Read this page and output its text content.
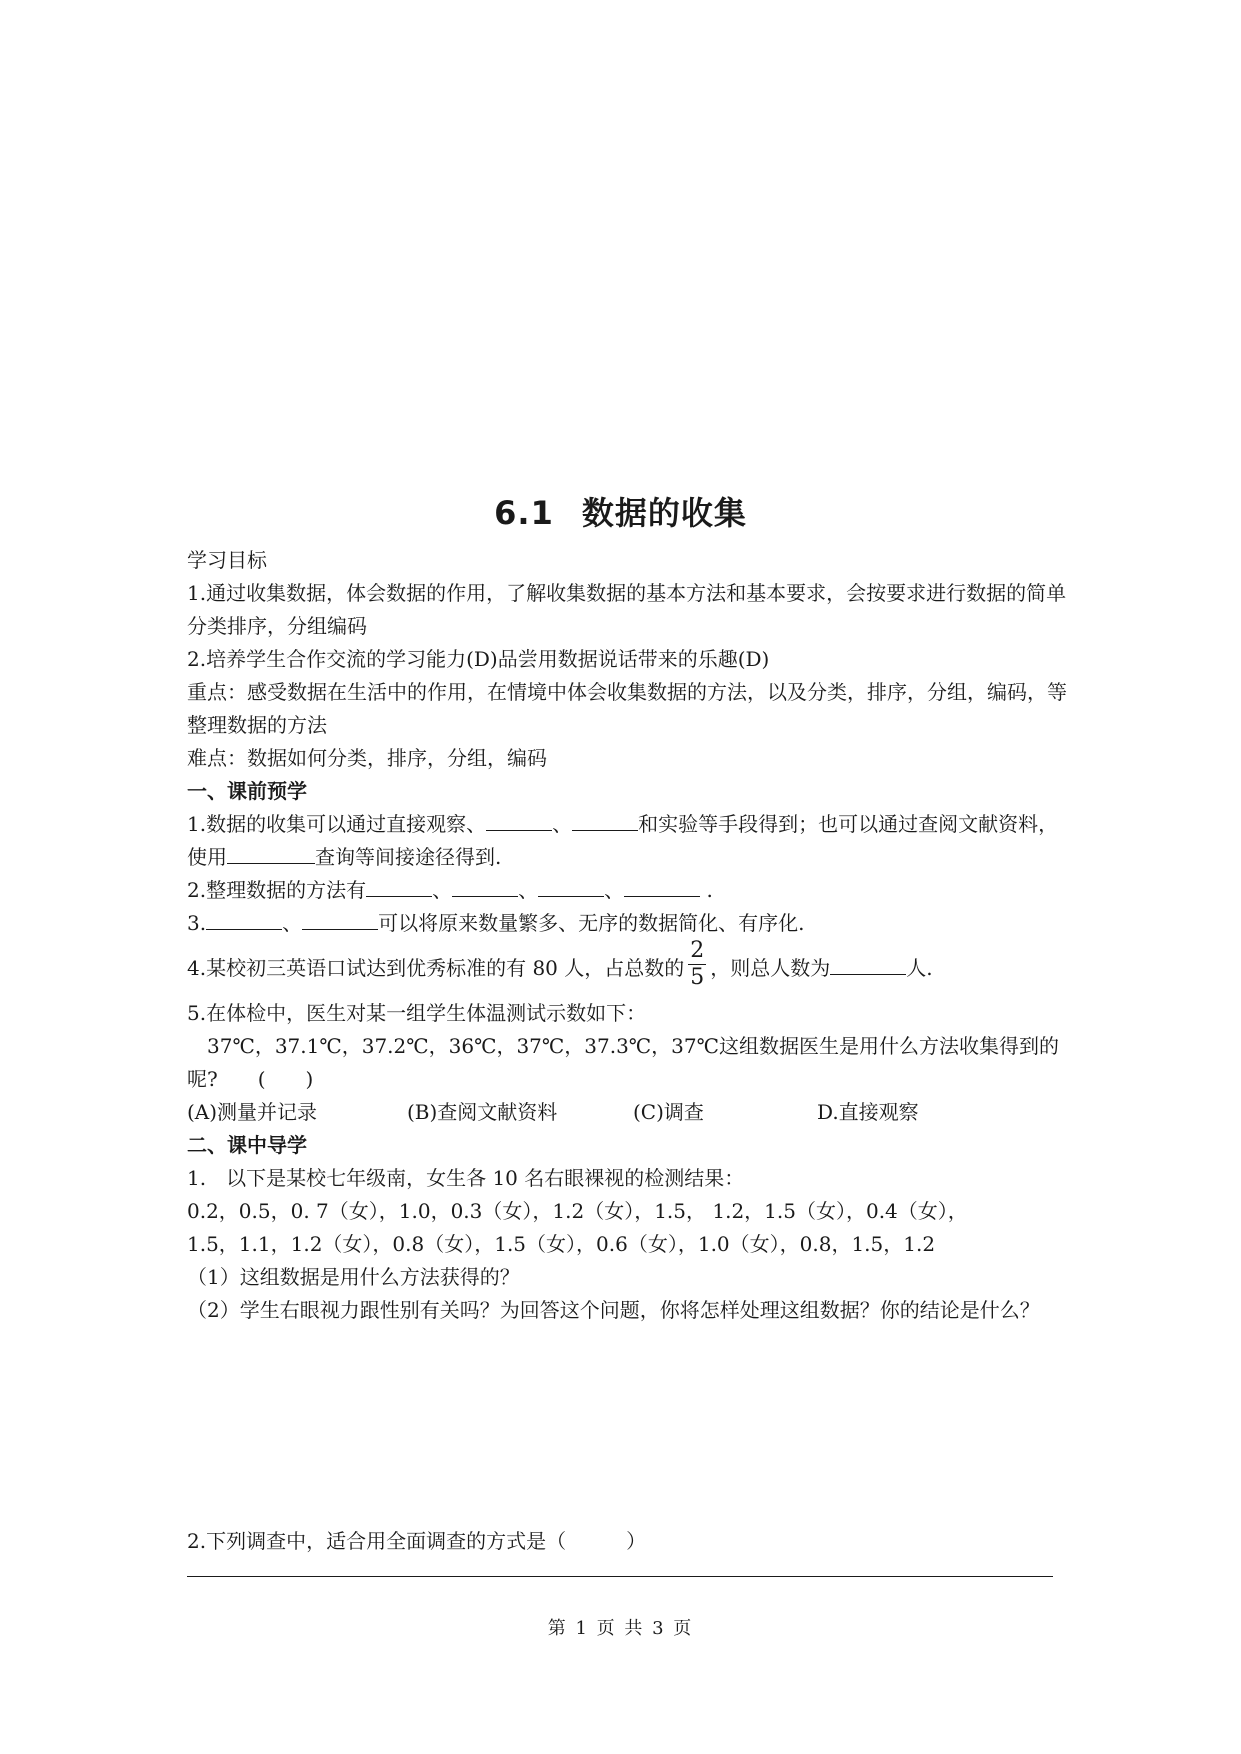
6.1 数据的收集

学习目标

1.通过收集数据，体会数据的作用，了解收集数据的基本方法和基本要求，会按要求进行数据的简单分类排序，分组编码

2.培养学生合作交流的学习能力(D)品尝用数据说话带来的乐趣(D)

重点：感受数据在生活中的作用，在情境中体会收集数据的方法，以及分类，排序，分组，编码，等整理数据的方法

难点：数据如何分类，排序，分组，编码

一、课前预学

1.数据的收集可以通过直接观察、	、	和实验等手段得到；也可以通过查阅文献资料，使用	查询等间接途径得到.

2.整理数据的方法有	、	、	、	.

3.	、	可以将原来数量繁多、无序的数据简化、有序化.

4.某校初三英语口试达到优秀标准的有 80 人，占总数的 $\frac{2}{5}$ ，则总人数为	人.

5.在体检中，医生对某一组学生体温测试示数如下：

37℃，37.1℃，37.2℃，36℃，37℃，37.3℃，37℃这组数据医生是用什么方法收集得到的呢?　　(　　)

(A)测量并记录	(B)查阅文献资料	(C)调查	D.直接观察

二、课中导学

1.　以下是某校七年级南，女生各 10 名右眼裸视的检测结果：

0.2，0.5，0. 7（女），1.0，0.3（女），1.2（女），1.5， 1.2，1.5（女），0.4（女），

1.5，1.1，1.2（女），0.8（女），1.5（女），0.6（女），1.0（女），0.8，1.5，1.2

（1）这组数据是用什么方法获得的？

（2）学生右眼视力跟性别有关吗？为回答这个问题，你将怎样处理这组数据？你的结论是什么？

2.下列调查中，适合用全面调查的方式是（　　　）

第 1 页 共 3 页
